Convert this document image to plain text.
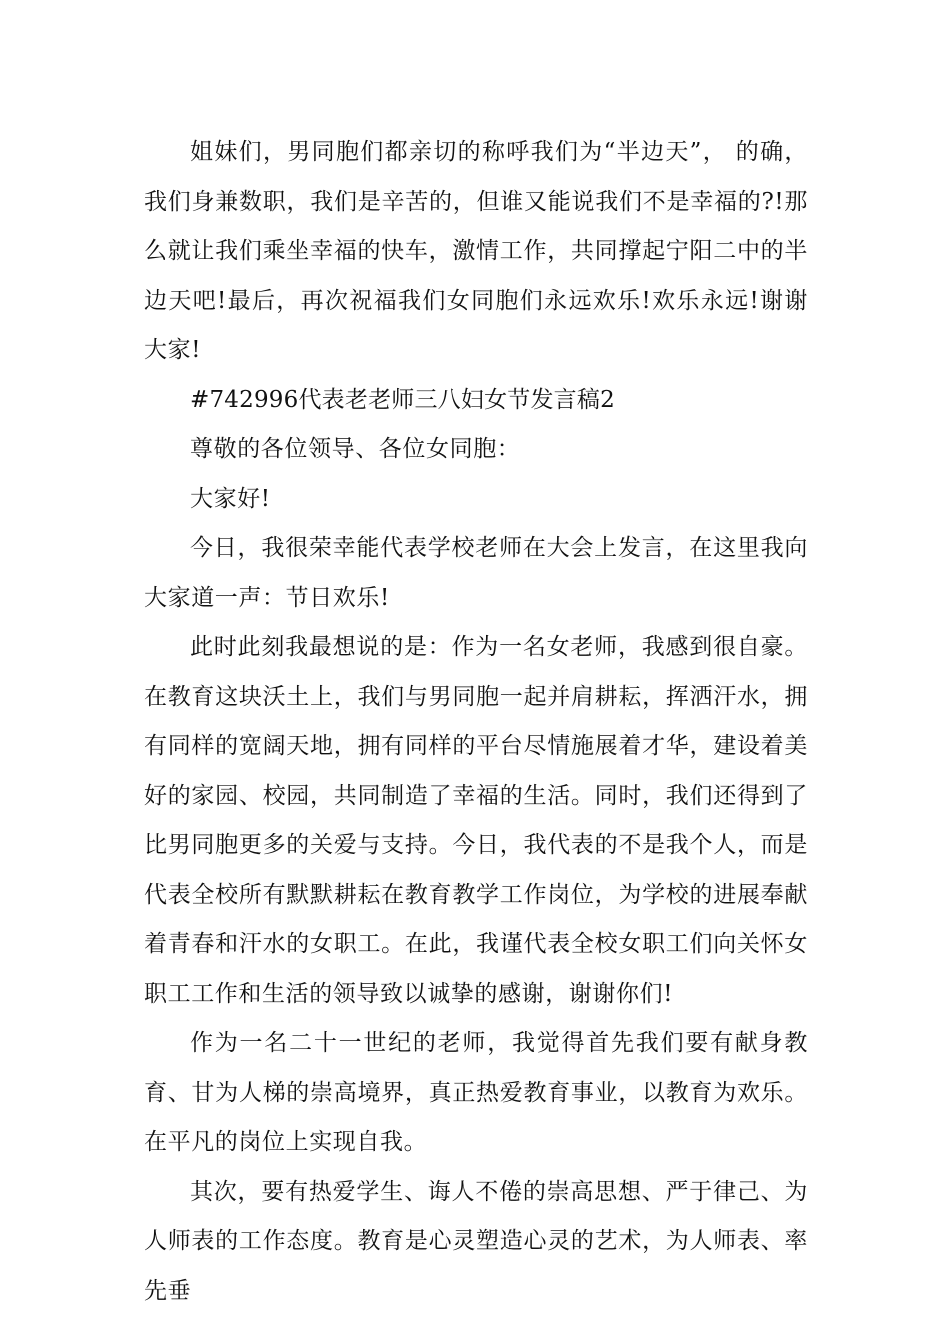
姐妹们，男同胞们都亲切的称呼我们为“半边天”， 的确，我们身兼数职，我们是辛苦的，但谁又能说我们不是幸福的?!那么就让我们乘坐幸福的快车，激情工作，共同撑起宁阳二中的半边天吧!最后，再次祝福我们女同胞们永远欢乐!欢乐永远!谢谢大家!

#742996代表老老师三八妇女节发言稿2

尊敬的各位领导、各位女同胞：

大家好!

今日，我很荣幸能代表学校老师在大会上发言，在这里我向大家道一声：节日欢乐!

此时此刻我最想说的是：作为一名女老师，我感到很自豪。在教育这块沃土上，我们与男同胞一起并肩耕耘，挥洒汗水，拥有同样的宽阔天地，拥有同样的平台尽情施展着才华，建设着美好的家园、校园，共同制造了幸福的生活。同时，我们还得到了比男同胞更多的关爱与支持。今日，我代表的不是我个人，而是代表全校所有默默耕耘在教育教学工作岗位，为学校的进展奉献着青春和汗水的女职工。在此，我谨代表全校女职工们向关怀女职工工作和生活的领导致以诚挚的感谢，谢谢你们!

作为一名二十一世纪的老师，我觉得首先我们要有献身教育、甘为人梯的崇高境界，真正热爱教育事业，以教育为欢乐。在平凡的岗位上实现自我。

其次，要有热爱学生、诲人不倦的崇高思想、严于律己、为人师表的工作态度。教育是心灵塑造心灵的艺术，为人师表、率先垂
